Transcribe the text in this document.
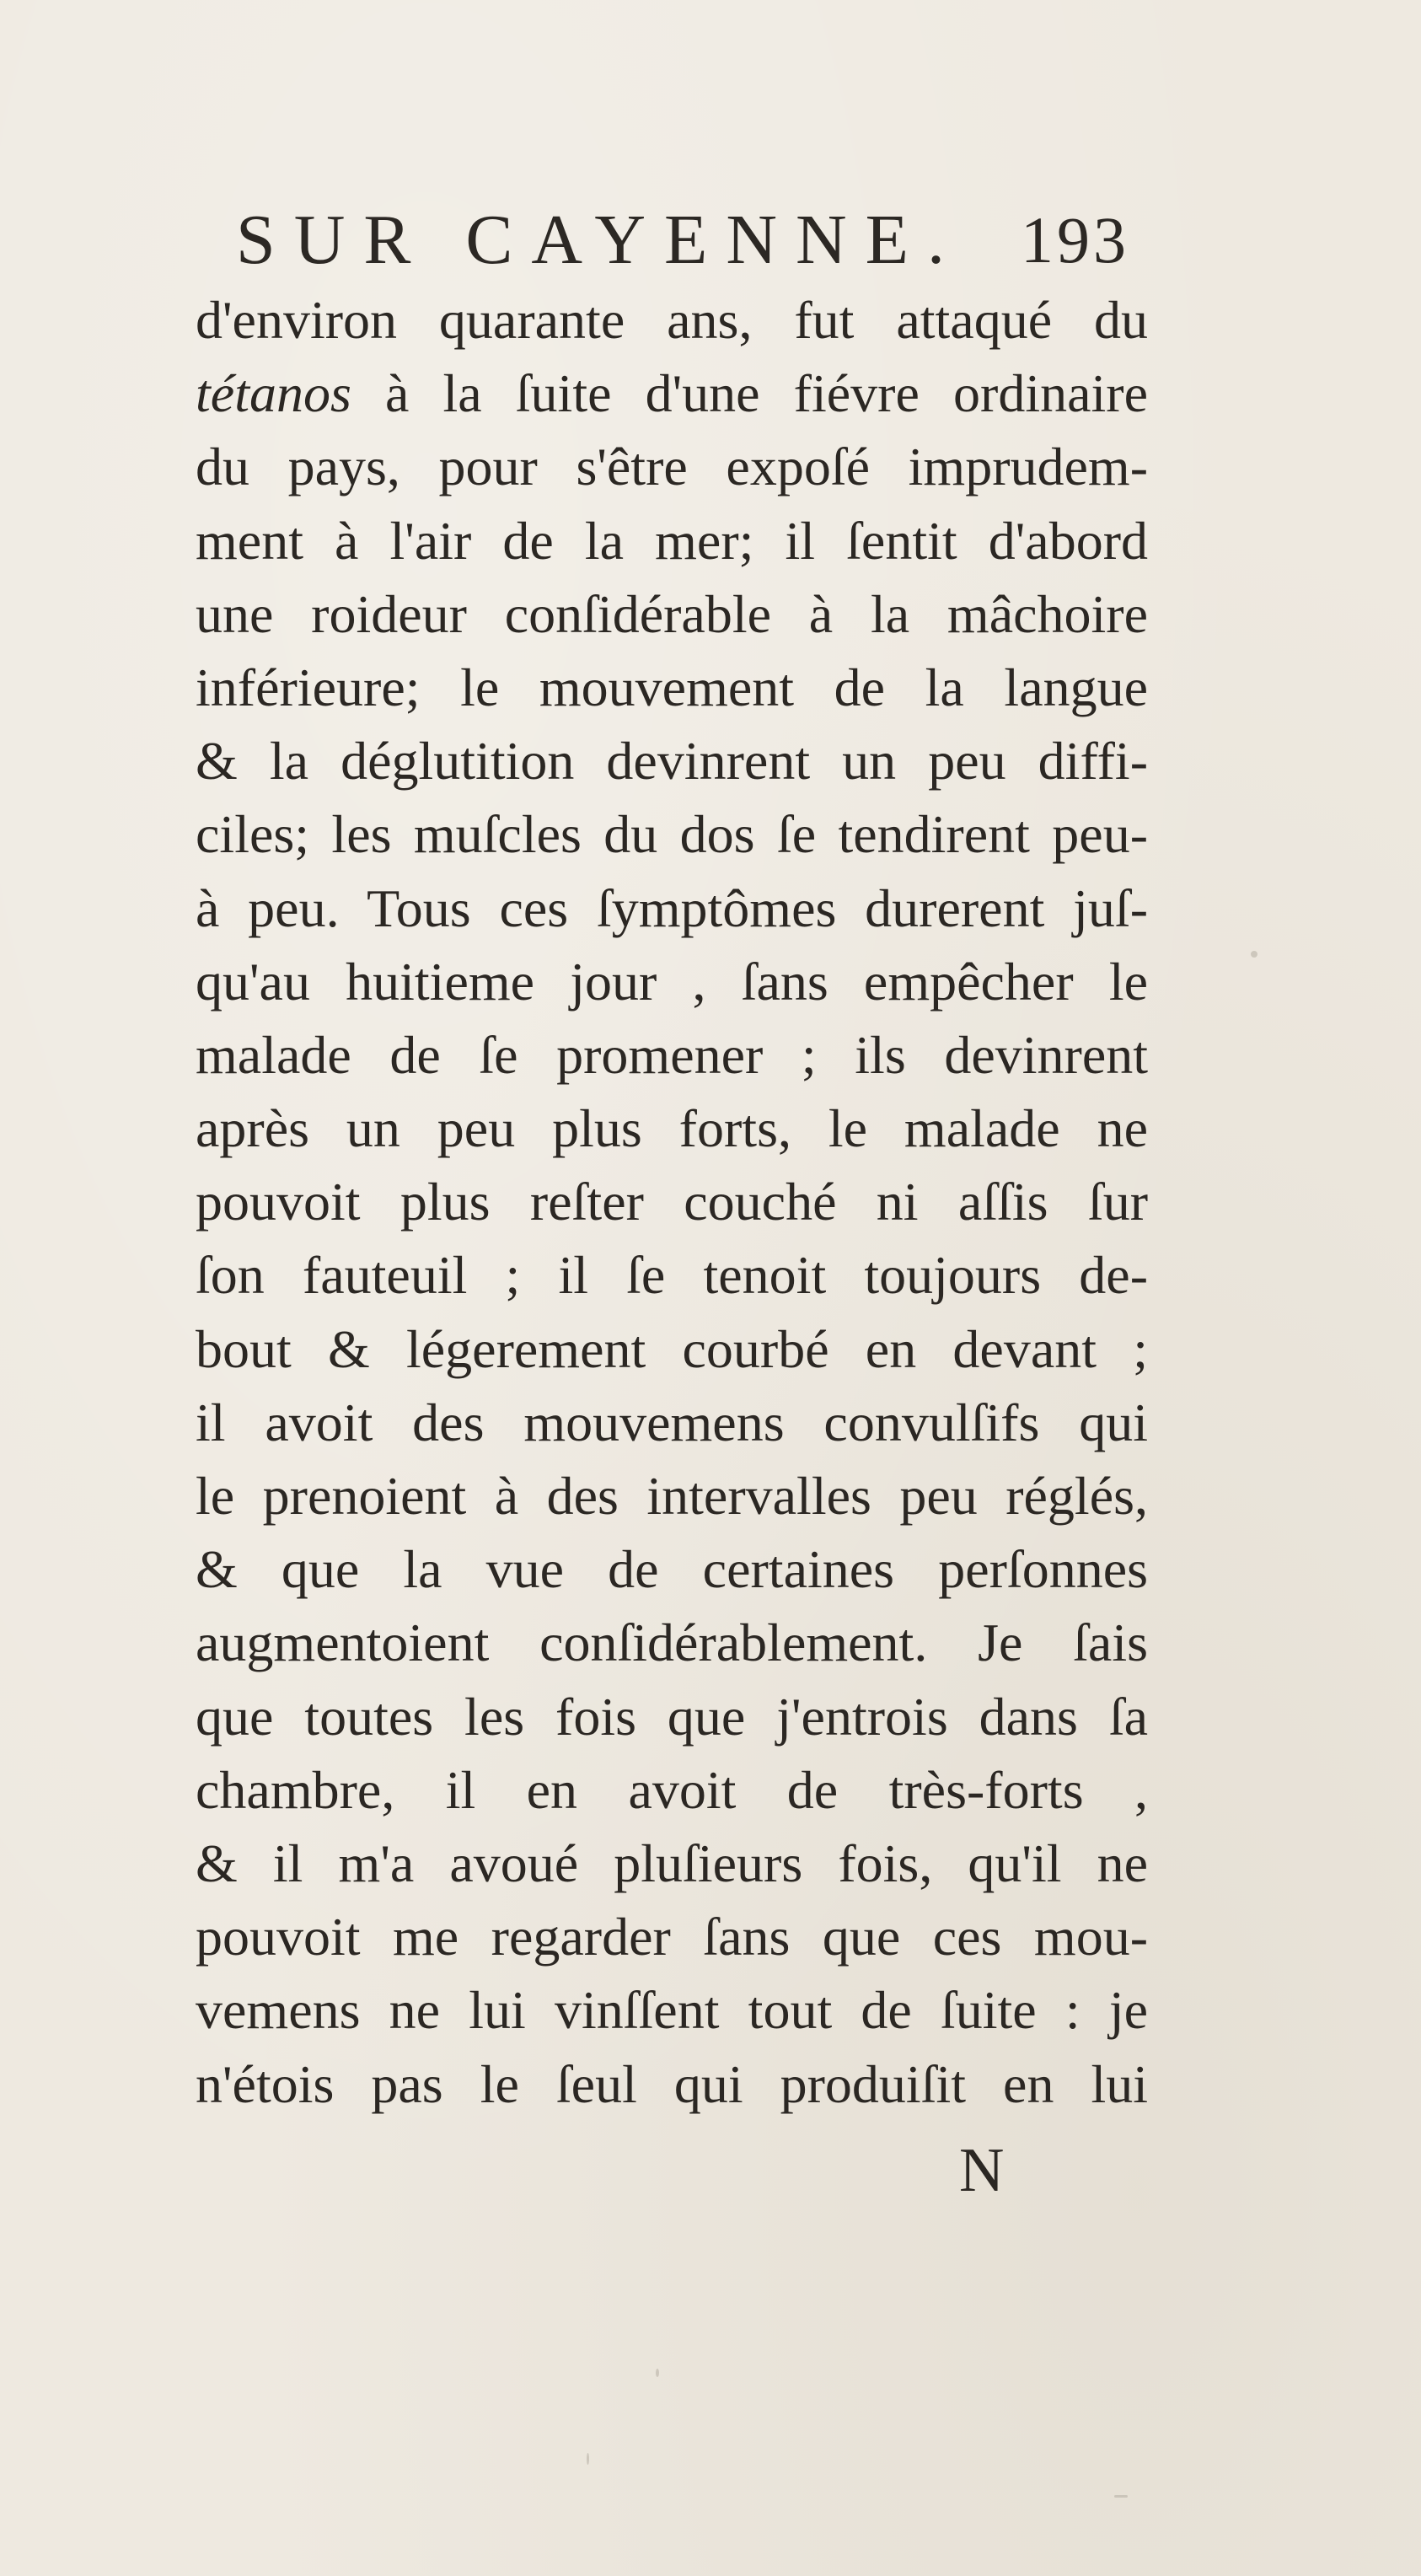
SUR CAYENNE. 193
d'environ quarante ans, fut attaqué du
tétanos à la ſuite d'une fiévre ordinaire
du pays, pour s'être expoſé imprudem-
ment à l'air de la mer; il ſentit d'abord
une roideur conſidérable à la mâchoire
inférieure; le mouvement de la langue
& la déglutition devinrent un peu diffi-
ciles; les muſcles du dos ſe tendirent peu-
à peu. Tous ces ſymptômes durerent juſ-
qu'au huitieme jour , ſans empêcher le
malade de ſe promener ; ils devinrent
après un peu plus forts, le malade ne
pouvoit plus reſter couché ni aſſis ſur
ſon fauteuil ; il ſe tenoit toujours de-
bout & légerement courbé en devant ;
il avoit des mouvemens convulſifs qui
le prenoient à des intervalles peu réglés,
& que la vue de certaines perſonnes
augmentoient conſidérablement. Je ſais
que toutes les fois que j'entrois dans ſa
chambre, il en avoit de très-forts ,
& il m'a avoué pluſieurs fois, qu'il ne
pouvoit me regarder ſans que ces mou-
vemens ne lui vinſſent tout de ſuite : je
n'étois pas le ſeul qui produiſit en lui
N
